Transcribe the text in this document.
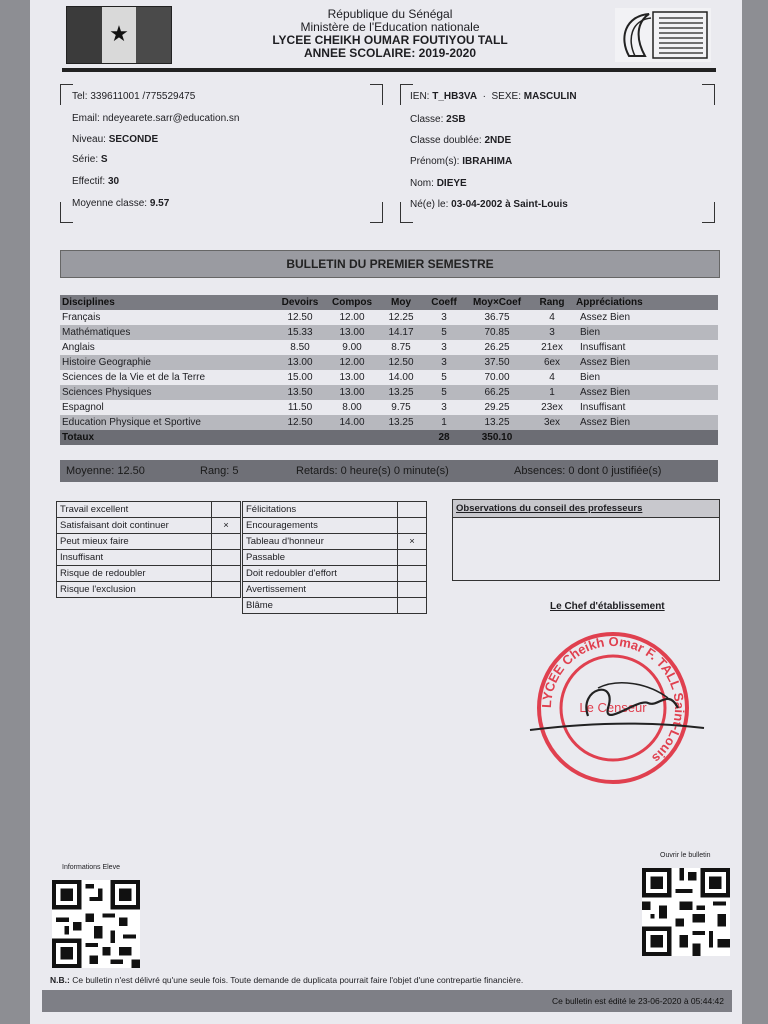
★
République du Sénégal
Ministère de l'Education nationale
LYCEE CHEIKH OUMAR FOUTIYOU TALL
ANNEE SCOLAIRE: 2019-2020
Tel: 339611001 /775529475
Email: ndeyearete.sarr@education.sn
Niveau: SECONDE
Série: S
Effectif: 30
Moyenne classe: 9.57
IEN: T_HB3VA  ·  SEXE: MASCULIN
Classe: 2SB
Classe doublée: 2NDE
Prénom(s): IBRAHIMA
Nom: DIEYE
Né(e) le: 03-04-2002 à Saint-Louis
BULLETIN DU PREMIER SEMESTRE
Disciplines	Devoirs	Compos	Moy	Coeff	Moy×Coef	Rang	Appréciations
Français	12.50	12.00	12.25	3	36.75	4	Assez Bien
Mathématiques	15.33	13.00	14.17	5	70.85	3	Bien
Anglais	8.50	9.00	8.75	3	26.25	21ex	Insuffisant
Histoire Geographie	13.00	12.00	12.50	3	37.50	6ex	Assez Bien
Sciences de la Vie et de la Terre	15.00	13.00	14.00	5	70.00	4	Bien
Sciences Physiques	13.50	13.00	13.25	5	66.25	1	Assez Bien
Espagnol	11.50	8.00	9.75	3	29.25	23ex	Insuffisant
Education Physique et Sportive	12.50	14.00	13.25	1	13.25	3ex	Assez Bien
Totaux				28	350.10		
Moyenne: 12.50	Rang: 5	Retards: 0 heure(s) 0 minute(s)	Absences: 0 dont 0 justifiée(s)
Travail excellent	
Satisfaisant doit continuer	×
Peut mieux faire	
Insuffisant	
Risque de redoubler	
Risque l'exclusion	
Félicitations	
Encouragements	
Tableau d'honneur	×
Passable	
Doit redoubler d'effort	
Avertissement	
Blâme	
Observations du conseil des professeurs
Le Chef d'établissement
LYCEE Cheikh Omar F. TALL Saint-Louis
Le Censeur
Informations Eleve
Ouvrir le bulletin
N.B.: Ce bulletin n'est délivré qu'une seule fois. Toute demande de duplicata pourrait faire l'objet d'une contrepartie financière.
Ce bulletin est édité le 23-06-2020 à 05:44:42
